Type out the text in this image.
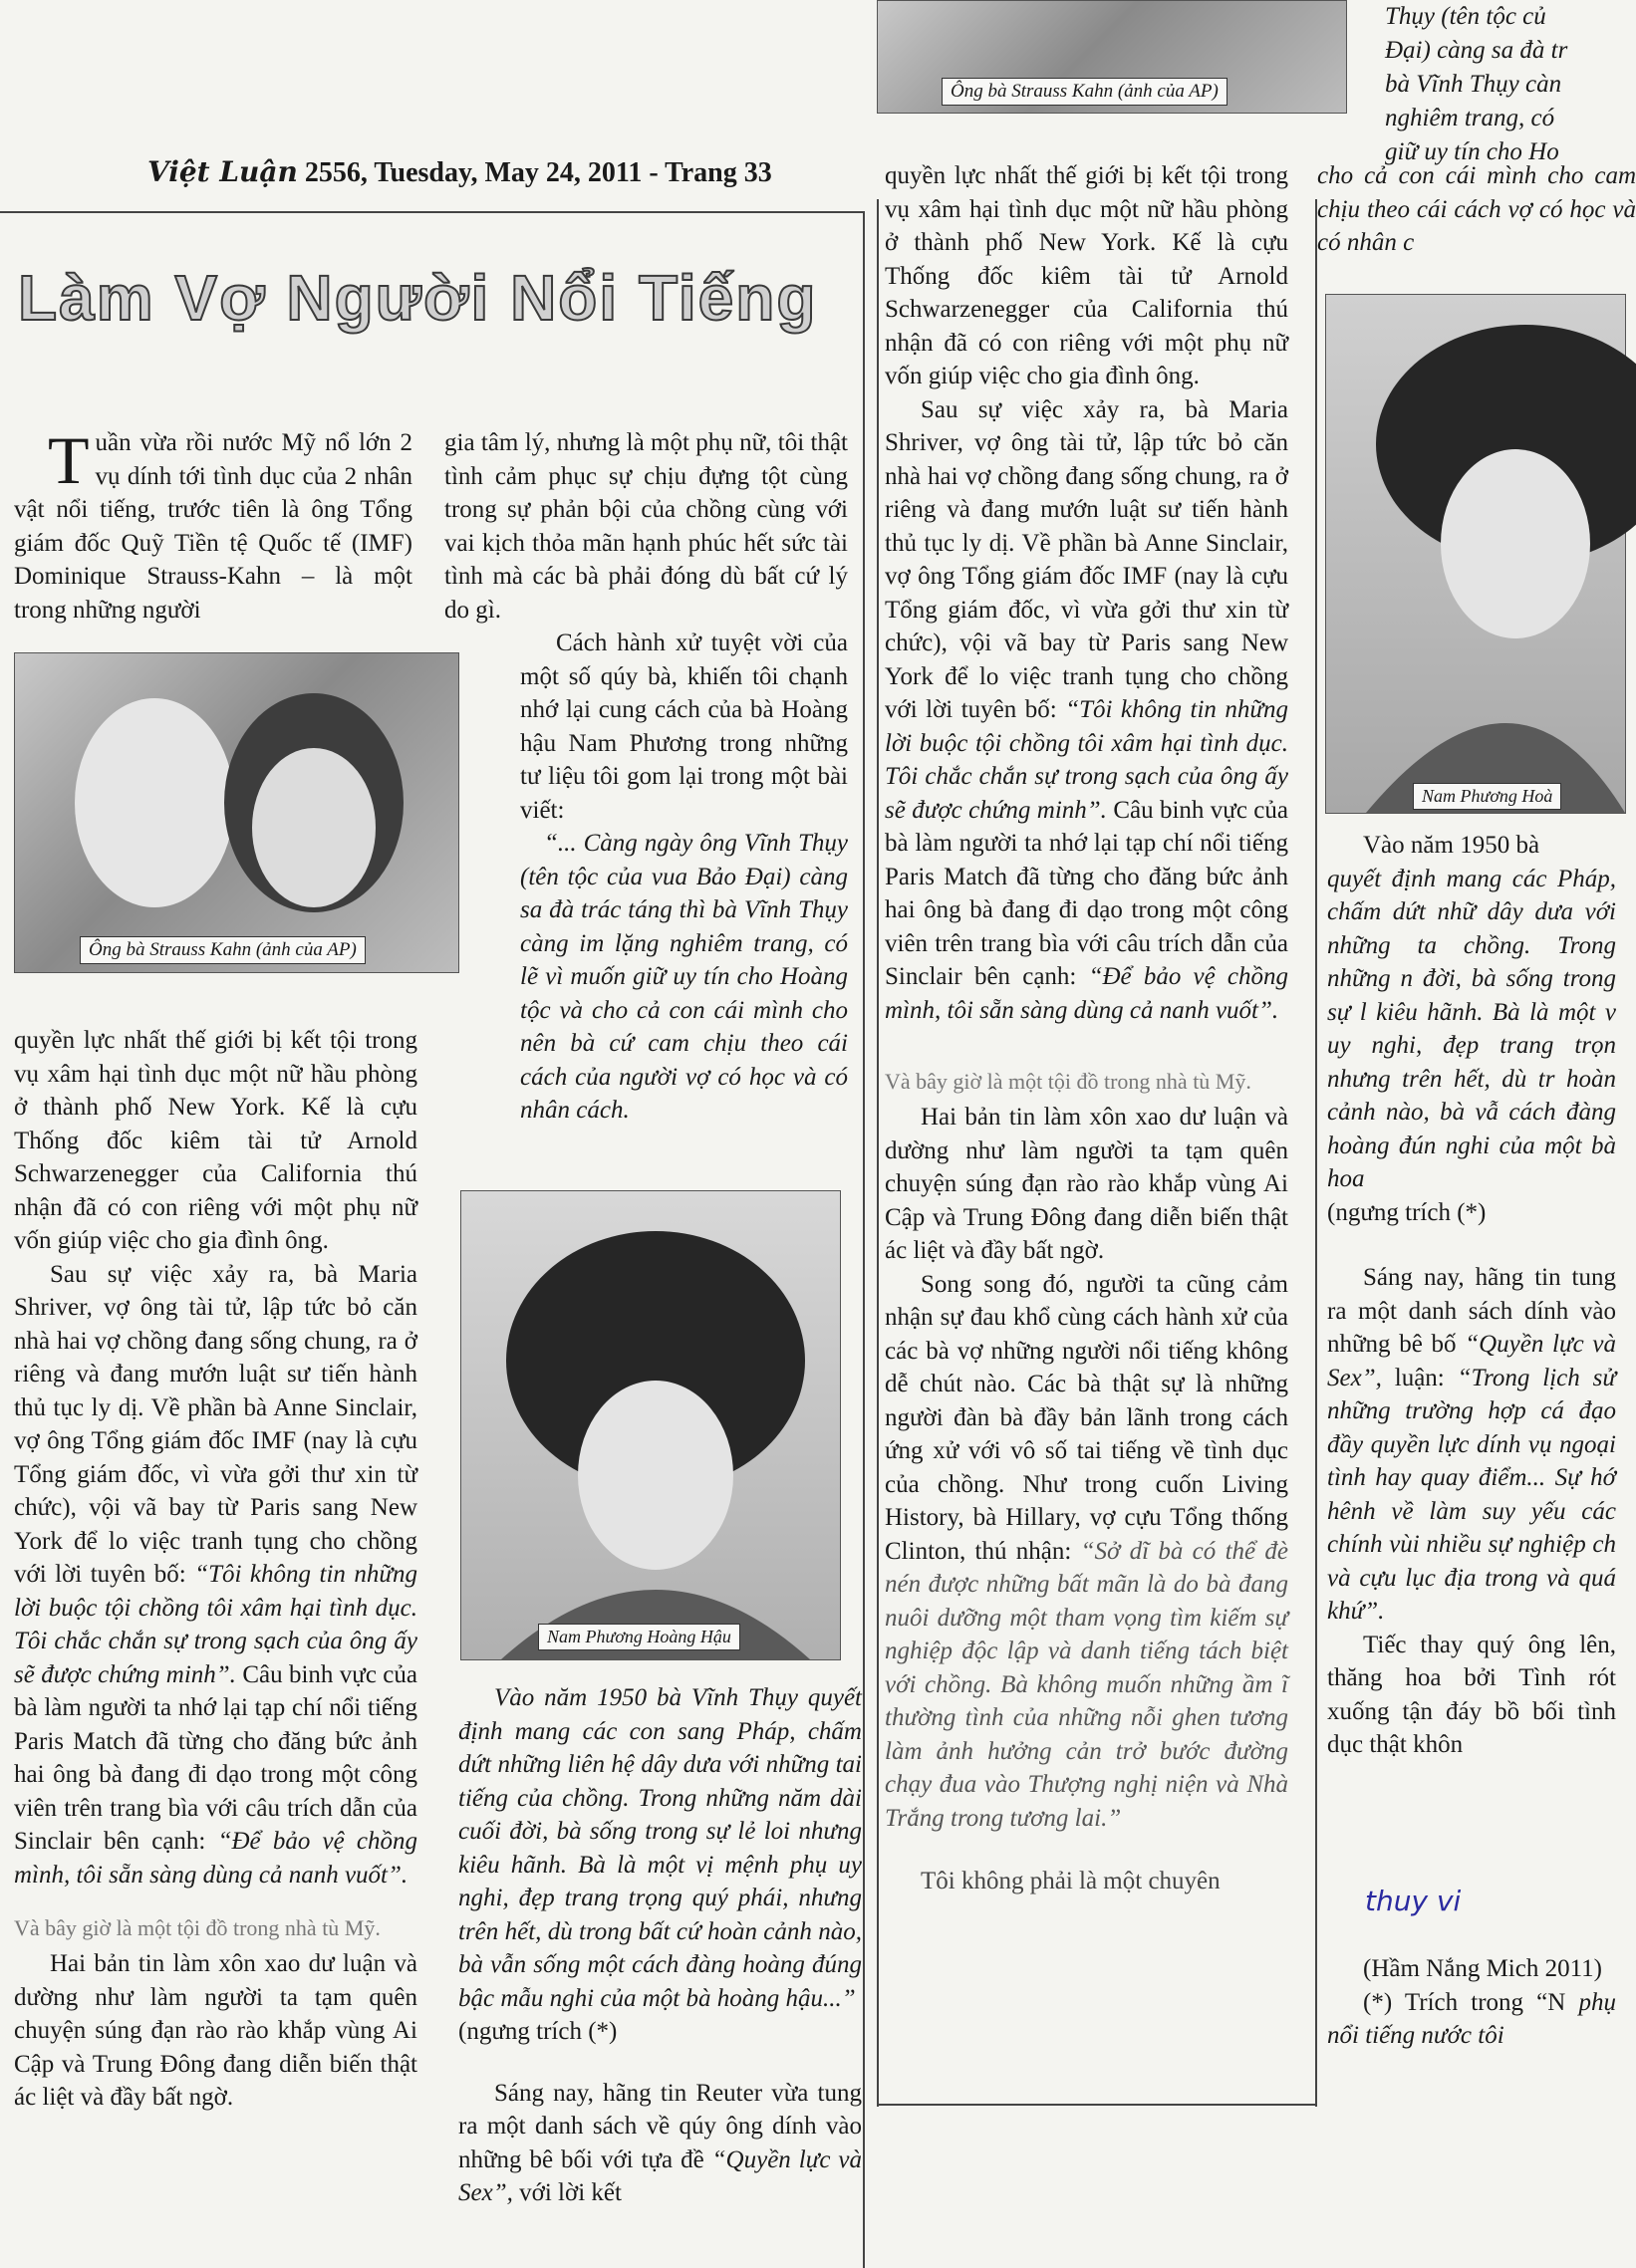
Ông bà Strauss Kahn (ảnh của AP)
Thụy (tên tộc củ
Đại) càng sa đà tr
bà Vĩnh Thụy càn
nghiêm trang, có
giữ uy tín cho Ho
Việt Luận 2556, Tuesday, May 24, 2011 - Trang 33
Làm Vợ Người Nổi Tiếng

Tuần vừa rồi nước Mỹ nổ lớn 2 vụ dính tới tình dục của 2 nhân vật nổi tiếng, trước tiên là ông Tổng giám đốc Quỹ Tiền tệ Quốc tế (IMF) Dominique Strauss-Kahn – là một trong những người

Ông bà Strauss Kahn (ảnh của AP)

quyền lực nhất thế giới bị kết tội trong vụ xâm hại tình dục một nữ hầu phòng ở thành phố New York. Kế là cựu Thống đốc kiêm tài tử Arnold Schwarzenegger của California thú nhận đã có con riêng với một phụ nữ vốn giúp việc cho gia đình ông.

Sau sự việc xảy ra, bà Maria Shriver, vợ ông tài tử, lập tức bỏ căn nhà hai vợ chồng đang sống chung, ra ở riêng và đang mướn luật sư tiến hành thủ tục ly dị. Về phần bà Anne Sinclair, vợ ông Tổng giám đốc IMF (nay là cựu Tổng giám đốc, vì vừa gởi thư xin từ chức), vội vã bay từ Paris sang New York để lo việc tranh tụng cho chồng với lời tuyên bố: “Tôi không tin những lời buộc tội chồng tôi xâm hại tình dục. Tôi chắc chắn sự trong sạch của ông ấy sẽ được chứng minh”. Câu binh vực của bà làm người ta nhớ lại tạp chí nổi tiếng Paris Match đã từng cho đăng bức ảnh hai ông bà đang đi dạo trong một công viên trên trang bìa với câu trích dẫn của Sinclair bên cạnh: “Để bảo vệ chồng mình, tôi sẵn sàng dùng cả nanh vuốt”.

Và bây giờ là một tội đồ trong nhà tù Mỹ.

Hai bản tin làm xôn xao dư luận và dường như làm người ta tạm quên chuyện súng đạn rào rào khắp vùng Ai Cập và Trung Đông đang diễn biến thật ác liệt và đầy bất ngờ.

gia tâm lý, nhưng là một phụ nữ, tôi thật tình cảm phục sự chịu đựng tột cùng trong sự phản bội của chồng cùng với vai kịch thỏa mãn hạnh phúc hết sức tài tình mà các bà phải đóng dù bất cứ lý do gì.

Cách hành xử tuyệt vời của một số qúy bà, khiến tôi chạnh nhớ lại cung cách của bà Hoàng hậu Nam Phương trong những tư liệu tôi gom lại trong một bài viết:

“... Càng ngày ông Vĩnh Thụy (tên tộc của vua Bảo Đại) càng sa đà trác táng thì bà Vĩnh Thụy càng im lặng nghiêm trang, có lẽ vì muốn giữ uy tín cho Hoàng tộc và cho cả con cái mình cho nên bà cứ cam chịu theo cái cách của người vợ có học và có nhân cách.

Nam Phương Hoàng Hậu

Vào năm 1950 bà Vĩnh Thụy quyết định mang các con sang Pháp, chấm dứt những liên hệ dây dưa với những tai tiếng của chồng. Trong những năm dài cuối đời, bà sống trong sự lẻ loi nhưng kiêu hãnh. Bà là một vị mệnh phụ uy nghi, đẹp trang trọng quý phái, nhưng trên hết, dù trong bất cứ hoàn cảnh nào, bà vẫn sống một cách đàng hoàng đúng bậc mẫu nghi của một bà hoàng hậu...”

(ngưng trích (*)

Sáng nay, hãng tin Reuter vừa tung ra một danh sách về qúy ông dính vào những bê bối với tựa đề “Quyền lực và Sex”, với lời kết

quyền lực nhất thế giới bị kết tội trong vụ xâm hại tình dục một nữ hầu phòng ở thành phố New York. Kế là cựu Thống đốc kiêm tài tử Arnold Schwarzenegger của California thú nhận đã có con riêng với một phụ nữ vốn giúp việc cho gia đình ông.

Sau sự việc xảy ra, bà Maria Shriver, vợ ông tài tử, lập tức bỏ căn nhà hai vợ chồng đang sống chung, ra ở riêng và đang mướn luật sư tiến hành thủ tục ly dị. Về phần bà Anne Sinclair, vợ ông Tổng giám đốc IMF (nay là cựu Tổng giám đốc, vì vừa gởi thư xin từ chức), vội vã bay từ Paris sang New York để lo việc tranh tụng cho chồng với lời tuyên bố: “Tôi không tin những lời buộc tội chồng tôi xâm hại tình dục. Tôi chắc chắn sự trong sạch của ông ấy sẽ được chứng minh”. Câu binh vực của bà làm người ta nhớ lại tạp chí nổi tiếng Paris Match đã từng cho đăng bức ảnh hai ông bà đang đi dạo trong một công viên trên trang bìa với câu trích dẫn của Sinclair bên cạnh: “Để bảo vệ chồng mình, tôi sẵn sàng dùng cả nanh vuốt”.

Và bây giờ là một tội đồ trong nhà tù Mỹ.

Hai bản tin làm xôn xao dư luận và dường như làm người ta tạm quên chuyện súng đạn rào rào khắp vùng Ai Cập và Trung Đông đang diễn biến thật ác liệt và đầy bất ngờ.

Song song đó, người ta cũng cảm nhận sự đau khổ cùng cách hành xử của các bà vợ những người nổi tiếng không dễ chút nào. Các bà thật sự là những người đàn bà đầy bản lãnh trong cách ứng xử với vô số tai tiếng về tình dục của chồng. Như trong cuốn Living History, bà Hillary, vợ cựu Tổng thống Clinton, thú nhận: “Sở dĩ bà có thể đè nén được những bất mãn là do bà đang nuôi dưỡng một tham vọng tìm kiếm sự nghiệp độc lập và danh tiếng tách biệt với chồng. Bà không muốn những ầm ĩ thường tình của những nỗi ghen tương làm ảnh hưởng cản trở bước đường chạy đua vào Thượng nghị niện và Nhà Trắng trong tương lai.”

Tôi không phải là một chuyên

cho cả con cái mình cho cam chịu theo cái cách vợ có học và có nhân c

Nam Phương Hoà

Vào năm 1950 bà

quyết định mang các Pháp, chấm dứt nhữ dây dưa với những ta chồng. Trong những n đời, bà sống trong sự l kiêu hãnh. Bà là một v uy nghi, đẹp trang trọn nhưng trên hết, dù tr hoàn cảnh nào, bà vẫ cách đàng hoàng đún nghi của một bà hoa

(ngưng trích (*)

Sáng nay, hãng tin tung ra một danh sách dính vào những bê bố “Quyền lực và Sex”, luận: “Trong lịch sử những trường hợp cá đạo đầy quyền lực dính vụ ngoại tình hay quay điểm... Sự hớ hênh về làm suy yếu các chính vùi nhiều sự nghiệp ch và cựu lục địa trong và quá khứ”.

Tiếc thay quý ông lên, thăng hoa bởi Tình rót xuống tận đáy bồ bối tình dục thật khôn

thuy vi

(Hầm Nắng Mich 2011)

(*) Trích trong “N phụ nổi tiếng nước tôi
